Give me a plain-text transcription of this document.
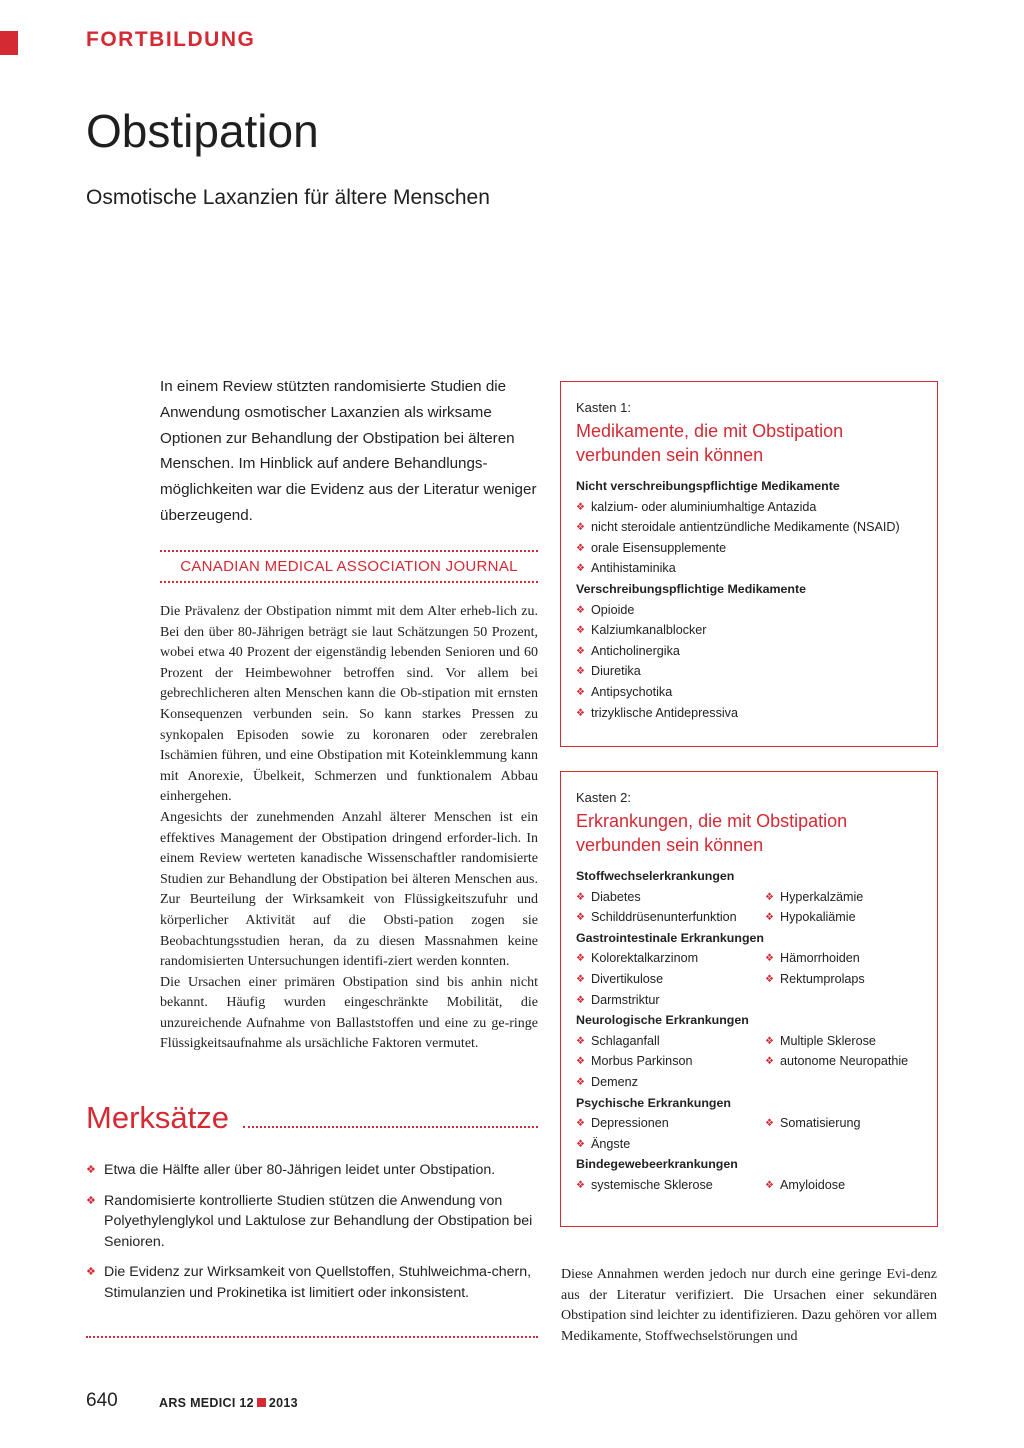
FORTBILDUNG
Obstipation
Osmotische Laxanzien für ältere Menschen
In einem Review stützten randomisierte Studien die Anwendung osmotischer Laxanzien als wirksame Optionen zur Behandlung der Obstipation bei älteren Menschen. Im Hinblick auf andere Behandlungs-möglichkeiten war die Evidenz aus der Literatur weniger überzeugend.
CANADIAN MEDICAL ASSOCIATION JOURNAL

Die Prävalenz der Obstipation nimmt mit dem Alter erheb-lich zu. Bei den über 80-Jährigen beträgt sie laut Schätzungen 50 Prozent, wobei etwa 40 Prozent der eigenständig lebenden Senioren und 60 Prozent der Heimbewohner betroffen sind. Vor allem bei gebrechlicheren alten Menschen kann die Ob-stipation mit ernsten Konsequenzen verbunden sein. So kann starkes Pressen zu synkopalen Episoden sowie zu koronaren oder zerebralen Ischämien führen, und eine Obstipation mit Koteinklemmung kann mit Anorexie, Übelkeit, Schmerzen und funktionalem Abbau einhergehen.

Angesichts der zunehmenden Anzahl älterer Menschen ist ein effektives Management der Obstipation dringend erforder-lich. In einem Review werteten kanadische Wissenschaftler randomisierte Studien zur Behandlung der Obstipation bei älteren Menschen aus. Zur Beurteilung der Wirksamkeit von Flüssigkeitszufuhr und körperlicher Aktivität auf die Obsti-pation zogen sie Beobachtungsstudien heran, da zu diesen Massnahmen keine randomisierten Untersuchungen identifi-ziert werden konnten.

Die Ursachen einer primären Obstipation sind bis anhin nicht bekannt. Häufig wurden eingeschränkte Mobilität, die unzureichende Aufnahme von Ballaststoffen und eine zu ge-ringe Flüssigkeitsaufnahme als ursächliche Faktoren vermutet.

Merksätze
❖ Etwa die Hälfte aller über 80-Jährigen leidet unter Obstipation.
❖ Randomisierte kontrollierte Studien stützen die Anwendung von Polyethylenglykol und Laktulose zur Behandlung der Obstipation bei Senioren.
❖ Die Evidenz zur Wirksamkeit von Quellstoffen, Stuhlweichma-chern, Stimulanzien und Prokinetika ist limitiert oder inkonsistent.
Kasten 1:
Medikamente, die mit Obstipation
verbunden sein können
Nicht verschreibungspflichtige Medikamente
❖ kalzium- oder aluminiumhaltige Antazida
❖ nicht steroidale antientzündliche Medikamente (NSAID)
❖ orale Eisensupplemente
❖ Antihistaminika
Verschreibungspflichtige Medikamente
❖ Opioide
❖ Kalziumkanalblocker
❖ Anticholinergika
❖ Diuretika
❖ Antipsychotika
❖ trizyklische Antidepressiva
Kasten 2:
Erkrankungen, die mit Obstipation
verbunden sein können
Stoffwechselerkrankungen
❖ Diabetes	❖ Hyperkalzämie
❖ Schilddrüsenunterfunktion	❖ Hypokaliämie
Gastrointestinale Erkrankungen
❖ Kolorektalkarzinom	❖ Hämorrhoiden
❖ Divertikulose	❖ Rektumprolaps
❖ Darmstriktur
Neurologische Erkrankungen
❖ Schlaganfall	❖ Multiple Sklerose
❖ Morbus Parkinson	❖ autonome Neuropathie
❖ Demenz
Psychische Erkrankungen
❖ Depressionen	❖ Somatisierung
❖ Ängste
Bindegewebeerkrankungen
❖ systemische Sklerose	❖ Amyloidose

Diese Annahmen werden jedoch nur durch eine geringe Evi-denz aus der Literatur verifiziert. Die Ursachen einer sekundären Obstipation sind leichter zu identifizieren. Dazu gehören vor allem Medikamente, Stoffwechselstörungen und

640	ARS MEDICI 12 2013
